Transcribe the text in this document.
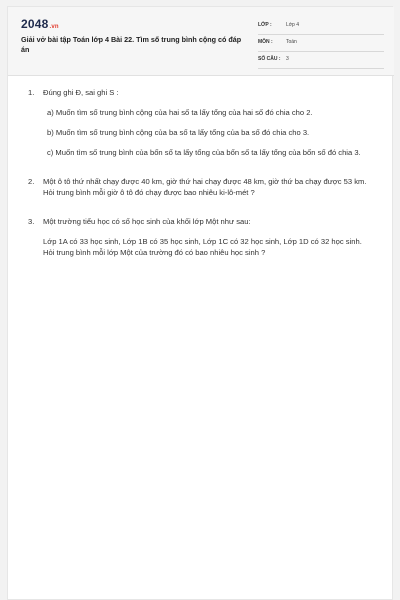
2048.vn
Giải vở bài tập Toán lớp 4 Bài 22. Tìm số trung bình cộng có đáp án
LỚP :	Lớp 4
MÔN :	Toán
SỐ CÂU : 3
1.	Đúng ghi Đ, sai ghi S :
a) Muốn tìm số trung bình cộng của hai số ta lấy tổng của hai số đó chia cho 2.
b) Muốn tìm số trung bình cộng của ba số ta lấy tổng của ba số đó chia cho 3.
c) Muốn tìm số trung bình của bốn số ta lấy tổng của bốn số ta lấy tổng của bốn số đó chia 3.
2.	Một ô tô thứ nhất chạy được 40 km, giờ thứ hai chạy được 48 km, giờ thứ ba chạy được 53 km. Hỏi trung bình mỗi giờ ô tô đó chạy được bao nhiêu ki-lô-mét ?
3.	Một trường tiểu học có số học sinh của khối lớp Một như sau:
Lớp 1A có 33 học sinh, Lớp 1B có 35 học sinh, Lớp 1C có 32 học sinh, Lớp 1D có 32 học sinh. Hỏi trung bình mỗi lớp Một của trường đó có bao nhiêu học sinh ?
